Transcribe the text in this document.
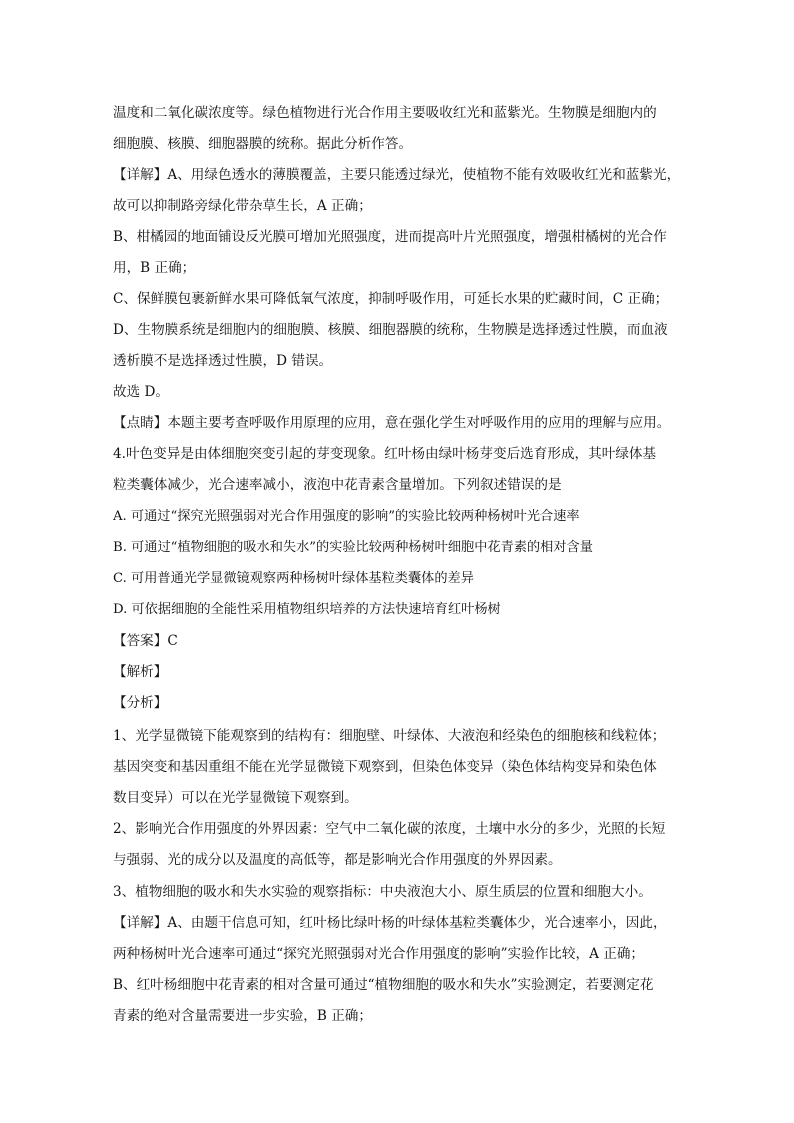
温度和二氧化碳浓度等。绿色植物进行光合作用主要吸收红光和蓝紫光。生物膜是细胞内的
细胞膜、核膜、细胞器膜的统称。据此分析作答。
【详解】A、用绿色透水的薄膜覆盖，主要只能透过绿光，使植物不能有效吸收红光和蓝紫光，
故可以抑制路旁绿化带杂草生长，A 正确；
B、柑橘园的地面铺设反光膜可增加光照强度，进而提高叶片光照强度，增强柑橘树的光合作
用，B 正确；
C、保鲜膜包裹新鲜水果可降低氧气浓度，抑制呼吸作用，可延长水果的贮藏时间，C 正确；
D、生物膜系统是细胞内的细胞膜、核膜、细胞器膜的统称，生物膜是选择透过性膜，而血液
透析膜不是选择透过性膜，D 错误。
故选 D。
【点睛】本题主要考查呼吸作用原理的应用，意在强化学生对呼吸作用的应用的理解与应用。
4.叶色变异是由体细胞突变引起的芽变现象。红叶杨由绿叶杨芽变后选育形成，其叶绿体基
粒类囊体减少，光合速率减小，液泡中花青素含量增加。下列叙述错误的是
A. 可通过“探究光照强弱对光合作用强度的影响”的实验比较两种杨树叶光合速率
B. 可通过“植物细胞的吸水和失水”的实验比较两种杨树叶细胞中花青素的相对含量
C. 可用普通光学显微镜观察两种杨树叶绿体基粒类囊体的差异
D. 可依据细胞的全能性采用植物组织培养的方法快速培育红叶杨树
【答案】C
【解析】
【分析】
1、光学显微镜下能观察到的结构有：细胞壁、叶绿体、大液泡和经染色的细胞核和线粒体；
基因突变和基因重组不能在光学显微镜下观察到，但染色体变异（染色体结构变异和染色体
数目变异）可以在光学显微镜下观察到。
2、影响光合作用强度的外界因素：空气中二氧化碳的浓度，土壤中水分的多少，光照的长短
与强弱、光的成分以及温度的高低等，都是影响光合作用强度的外界因素。
3、植物细胞的吸水和失水实验的观察指标：中央液泡大小、原生质层的位置和细胞大小。
【详解】A、由题干信息可知，红叶杨比绿叶杨的叶绿体基粒类囊体少，光合速率小，因此，
两种杨树叶光合速率可通过“探究光照强弱对光合作用强度的影响”实验作比较，A 正确；
B、红叶杨细胞中花青素的相对含量可通过“植物细胞的吸水和失水”实验测定，若要测定花
青素的绝对含量需要进一步实验，B 正确；
